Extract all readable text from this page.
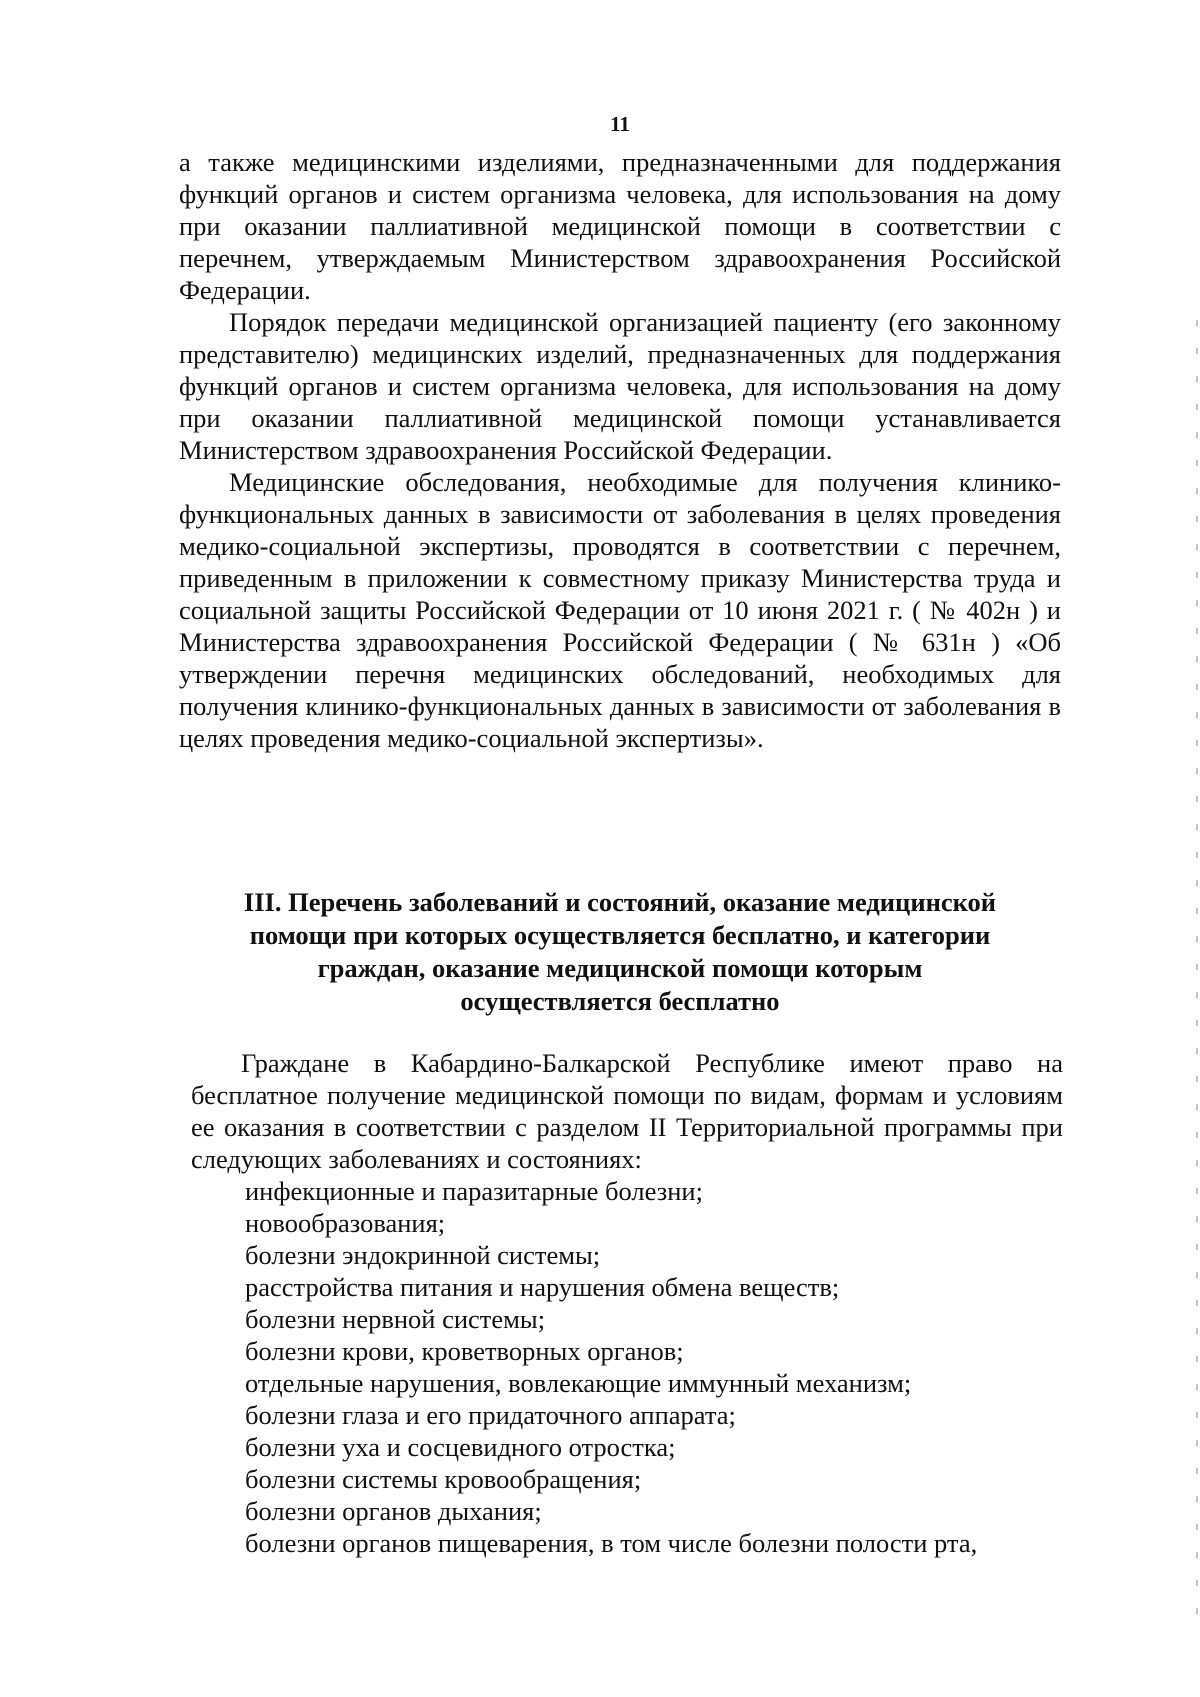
11

а также медицинскими изделиями, предназначенными для поддержания функций органов и систем организма человека, для использования на дому при оказании паллиативной медицинской помощи в соответствии с перечнем, утверждаемым Министерством здравоохранения Российской Федерации.

Порядок передачи медицинской организацией пациенту (его законному представителю) медицинских изделий, предназначенных для поддержания функций органов и систем организма человека, для использования на дому при оказании паллиативной медицинской помощи устанавливается Министерством здравоохранения Российской Федерации.

Медицинские обследования, необходимые для получения клинико-функциональных данных в зависимости от заболевания в целях проведения медико-социальной экспертизы, проводятся в соответствии с перечнем, приведенным в приложении к совместному приказу Министерства труда и социальной защиты Российской Федерации от 10 июня 2021 г. ( № 402н ) и Министерства здравоохранения Российской Федерации ( № 631н ) «Об утверждении перечня медицинских обследований, необходимых для получения клинико-функциональных данных в зависимости от заболевания в целях проведения медико-социальной экспертизы».

III. Перечень заболеваний и состояний, оказание медицинской
помощи при которых осуществляется бесплатно, и категории
граждан, оказание медицинской помощи которым
осуществляется бесплатно

Граждане в Кабардино-Балкарской Республике имеют право на бесплатное получение медицинской помощи по видам, формам и условиям ее оказания в соответствии с разделом II Территориальной программы при следующих заболеваниях и состояниях:

инфекционные и паразитарные болезни;
новообразования;
болезни эндокринной системы;
расстройства питания и нарушения обмена веществ;
болезни нервной системы;
болезни крови, кроветворных органов;
отдельные нарушения, вовлекающие иммунный механизм;
болезни глаза и его придаточного аппарата;
болезни уха и сосцевидного отростка;
болезни системы кровообращения;
болезни органов дыхания;
болезни органов пищеварения, в том числе болезни полости рта,
